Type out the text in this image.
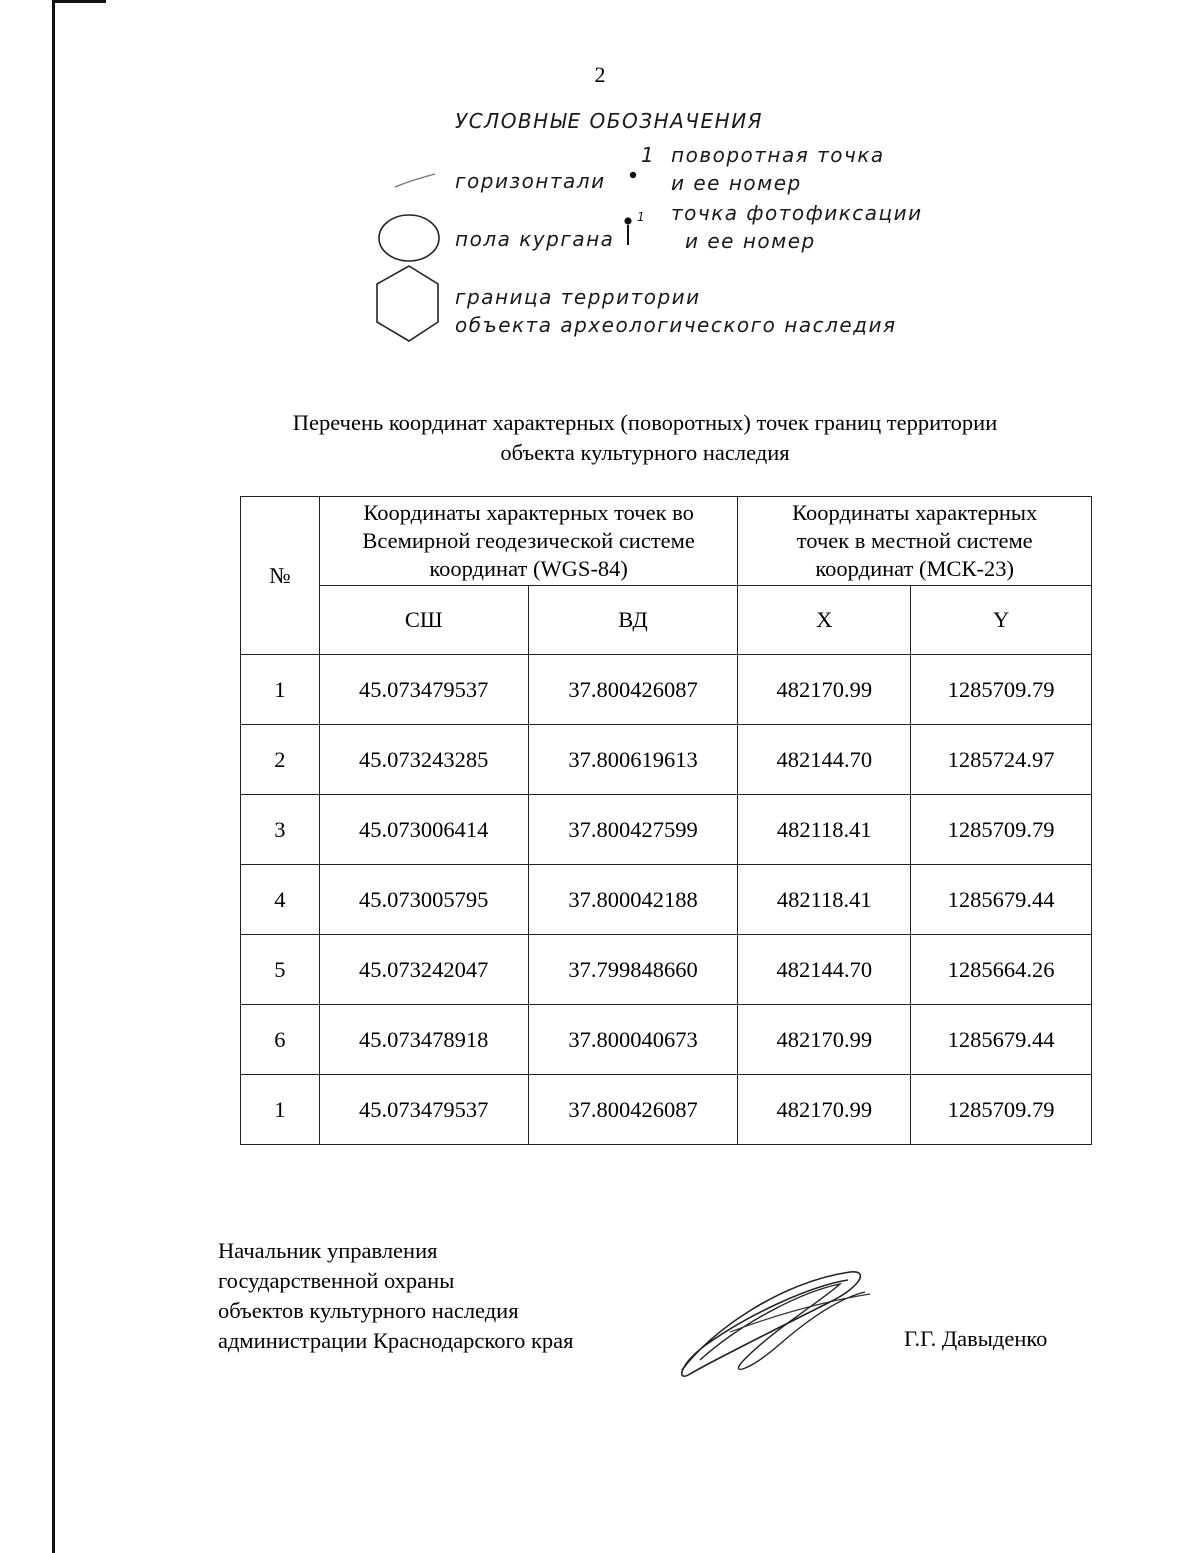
2
УСЛОВНЫЕ ОБОЗНАЧЕНИЯ
горизонтали
пола кургана
граница территории
объекта археологического наследия
1 поворотная точка
и ее номер
1 точка фотофиксации
и ее номер
Перечень координат характерных (поворотных) точек границ территории
объекта культурного наследия
№	Координаты характерных точек во Всемирной геодезической системе координат (WGS-84)		Координаты характерных точек в местной системе координат (МСК-23)	
	СШ	ВД	X	Y
1	45.073479537	37.800426087	482170.99	1285709.79
2	45.073243285	37.800619613	482144.70	1285724.97
3	45.073006414	37.800427599	482118.41	1285709.79
4	45.073005795	37.800042188	482118.41	1285679.44
5	45.073242047	37.799848660	482144.70	1285664.26
6	45.073478918	37.800040673	482170.99	1285679.44
1	45.073479537	37.800426087	482170.99	1285709.79
Начальник управления
государственной охраны
объектов культурного наследия
администрации Краснодарского края	Г.Г. Давыденко
